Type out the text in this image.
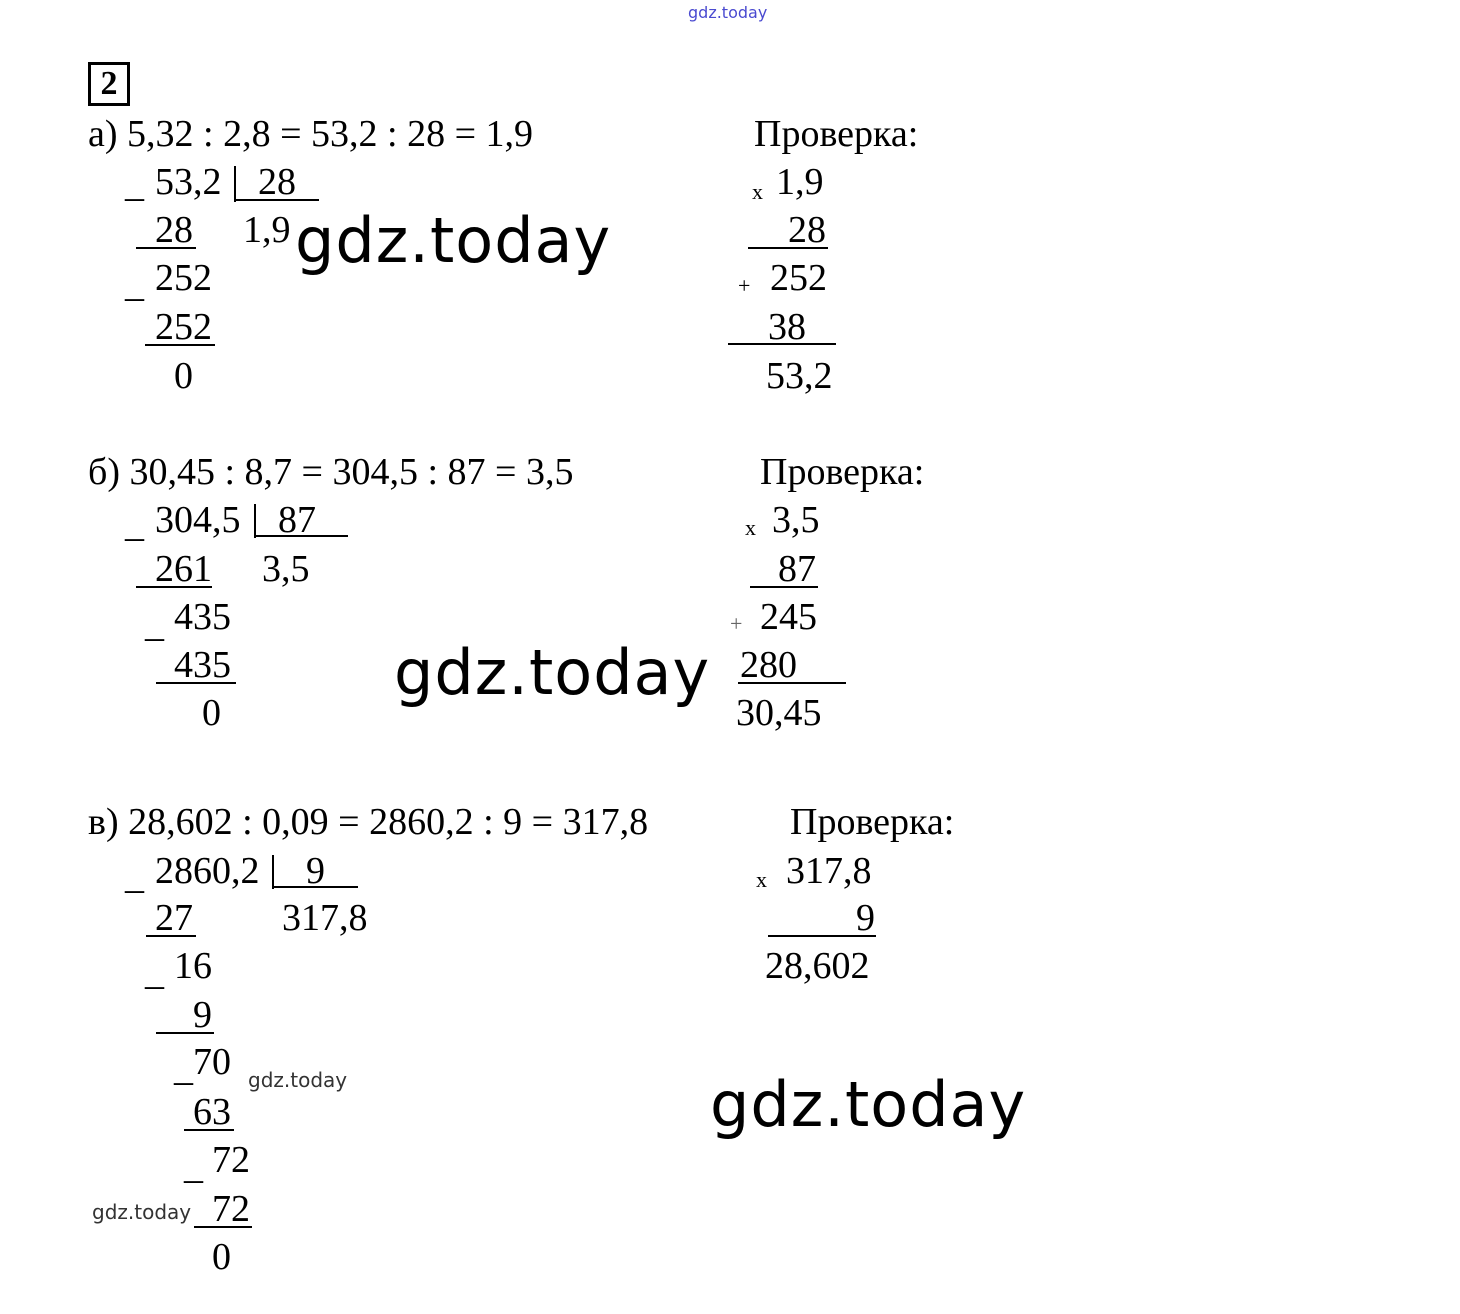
gdz.today
2
а) 5,32 : 2,8 = 53,2 : 28 = 1,9
_ 53,2 28
1,9
28
_ 252
252
0
Проверка:
x 1,9
28
+ 252
38
53,2
gdz.today
б) 30,45 : 8,7 = 304,5 : 87 = 3,5
_ 304,5 87
3,5
261
_ 435
435
0
Проверка:
x 3,5
87
+ 245
280
30,45
gdz.today
в) 28,602 : 0,09 = 2860,2 : 9 = 317,8
_ 2860,2 9
317,8
27
_ 16
9
_ 70
63
_ 72
72
0
Проверка:
x 317,8
9
28,602
gdz.today
gdz.today
gdz.today
